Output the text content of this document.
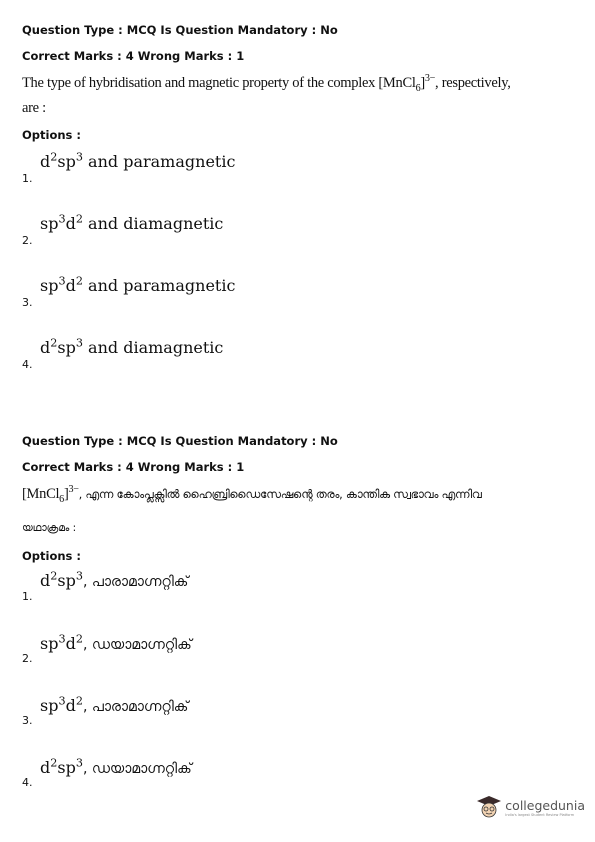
Question Type : MCQ Is Question Mandatory : No
Correct Marks : 4 Wrong Marks : 1
The type of hybridisation and magnetic property of the complex [MnCl$_6$]$^{3-}$, respectively,
are :
Options :
1.
$d^2sp^3$ and paramagnetic
2.
$sp^3d^2$ and diamagnetic
3.
$sp^3d^2$ and paramagnetic
4.
$d^2sp^3$ and diamagnetic
Question Type : MCQ Is Question Mandatory : No
Correct Marks : 4 Wrong Marks : 1
[MnCl$_6$]$^{3-}$, എന്ന കോംപ്ലക്സിൽ ഹൈബ്രിഡൈസേഷന്റെ തരം, കാന്തിക സ്വഭാവം എന്നിവ
യഥാക്രമം :
Options :
1.
$d^2sp^3$, പാരാമാഗ്നറ്റിക്
2.
$sp^3d^2$, ഡയാമാഗ്നറ്റിക്
3.
$sp^3d^2$, പാരാമാഗ്നറ്റിക്
4.
$d^2sp^3$, ഡയാമാഗ്നറ്റിക്
collegedunia
India's largest Student Review Platform
